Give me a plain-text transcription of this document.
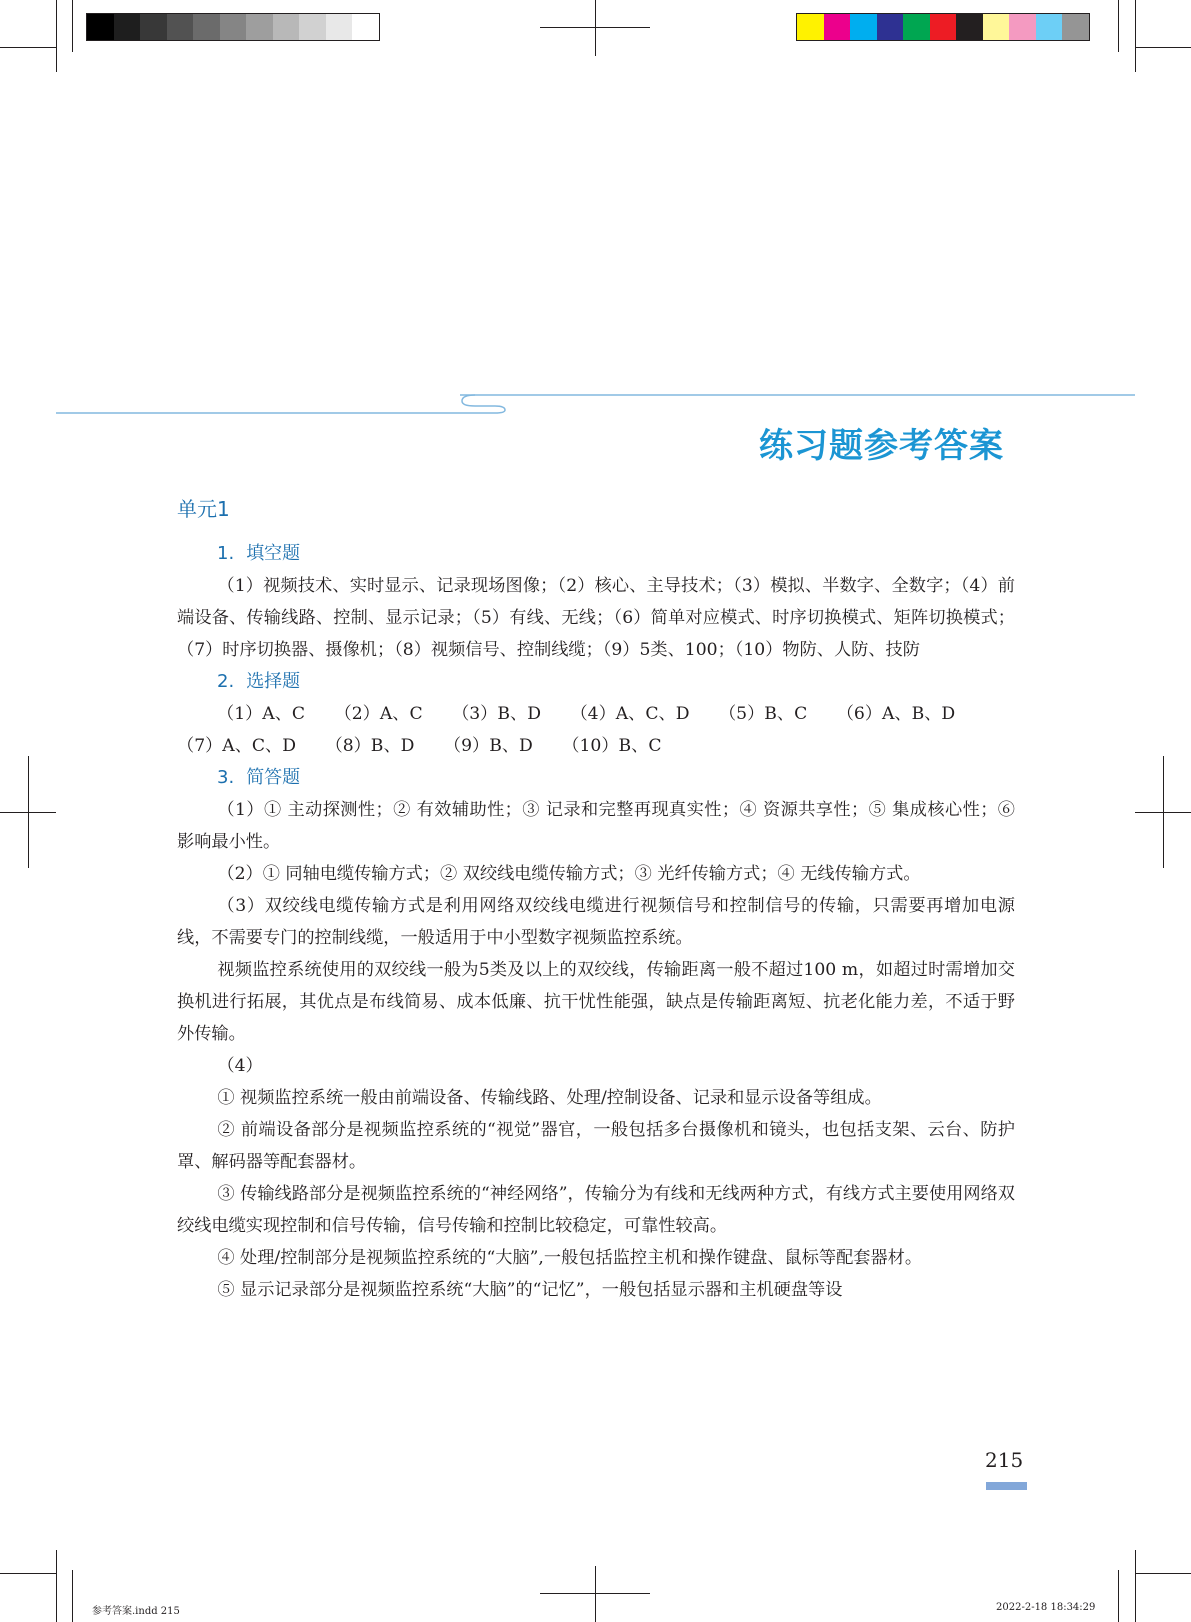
练习题参考答案
单元1
1. 填空题
（1）视频技术、实时显示、记录现场图像；（2）核心、主导技术；（3）模拟、半数字、全数字；（4）前端设备、传输线路、控制、显示记录；（5）有线、无线；（6）简单对应模式、时序切换模式、矩阵切换模式；（7）时序切换器、摄像机；（8）视频信号、控制线缆；（9）5类、100；（10）物防、人防、技防
2. 选择题
（1）A、C （2）A、C （3）B、D （4）A、C、D （5）B、C （6）A、B、D
（7）A、C、D （8）B、D （9）B、D （10）B、C
3. 简答题
（1）① 主动探测性；② 有效辅助性；③ 记录和完整再现真实性；④ 资源共享性；⑤ 集成核心性；⑥ 影响最小性。
（2）① 同轴电缆传输方式；② 双绞线电缆传输方式；③ 光纤传输方式；④ 无线传输方式。
（3）双绞线电缆传输方式是利用网络双绞线电缆进行视频信号和控制信号的传输，只需要再增加电源线，不需要专门的控制线缆，一般适用于中小型数字视频监控系统。
视频监控系统使用的双绞线一般为5类及以上的双绞线，传输距离一般不超过100 m，如超过时需增加交换机进行拓展，其优点是布线简易、成本低廉、抗干忧性能强，缺点是传输距离短、抗老化能力差，不适于野外传输。
（4）
① 视频监控系统一般由前端设备、传输线路、处理/控制设备、记录和显示设备等组成。
② 前端设备部分是视频监控系统的“视觉”器官，一般包括多台摄像机和镜头，也包括支架、云台、防护罩、解码器等配套器材。
③ 传输线路部分是视频监控系统的“神经网络”，传输分为有线和无线两种方式，有线方式主要使用网络双绞线电缆实现控制和信号传输，信号传输和控制比较稳定，可靠性较高。
④ 处理/控制部分是视频监控系统的“大脑”,一般包括监控主机和操作键盘、鼠标等配套器材。
⑤ 显示记录部分是视频监控系统“大脑”的“记忆”，一般包括显示器和主机硬盘等设
215
参考答案.indd 215	2022-2-18 18:34:29
